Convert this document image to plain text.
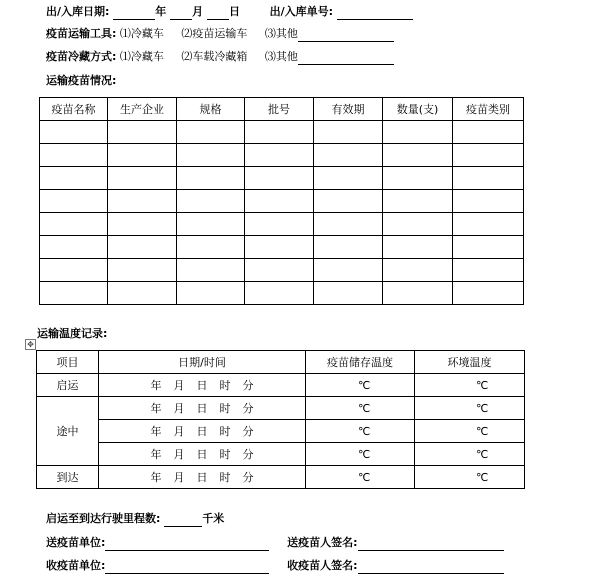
出/入库日期:	年 月 日	出/入库单号:
疫苗运输工具: ⑴冷藏车 ⑵疫苗运输车 ⑶其他
疫苗冷藏方式: ⑴冷藏车 ⑵车载冷藏箱 ⑶其他
运输疫苗情况:
疫苗名称	生产企业	规格	批号	有效期	数量(支)	疫苗类别

运输温度记录:
✥
项目	日期/时间	疫苗储存温度	环境温度
启运	年 月 日 时 分	℃	℃
途中	年 月 日 时 分	℃	℃
	年 月 日 时 分	℃	℃
	年 月 日 时 分	℃	℃
到达	年 月 日 时 分	℃	℃
启运至到达行驶里程数:	千米
送疫苗单位:	送疫苗人签名:
收疫苗单位:	收疫苗人签名:
